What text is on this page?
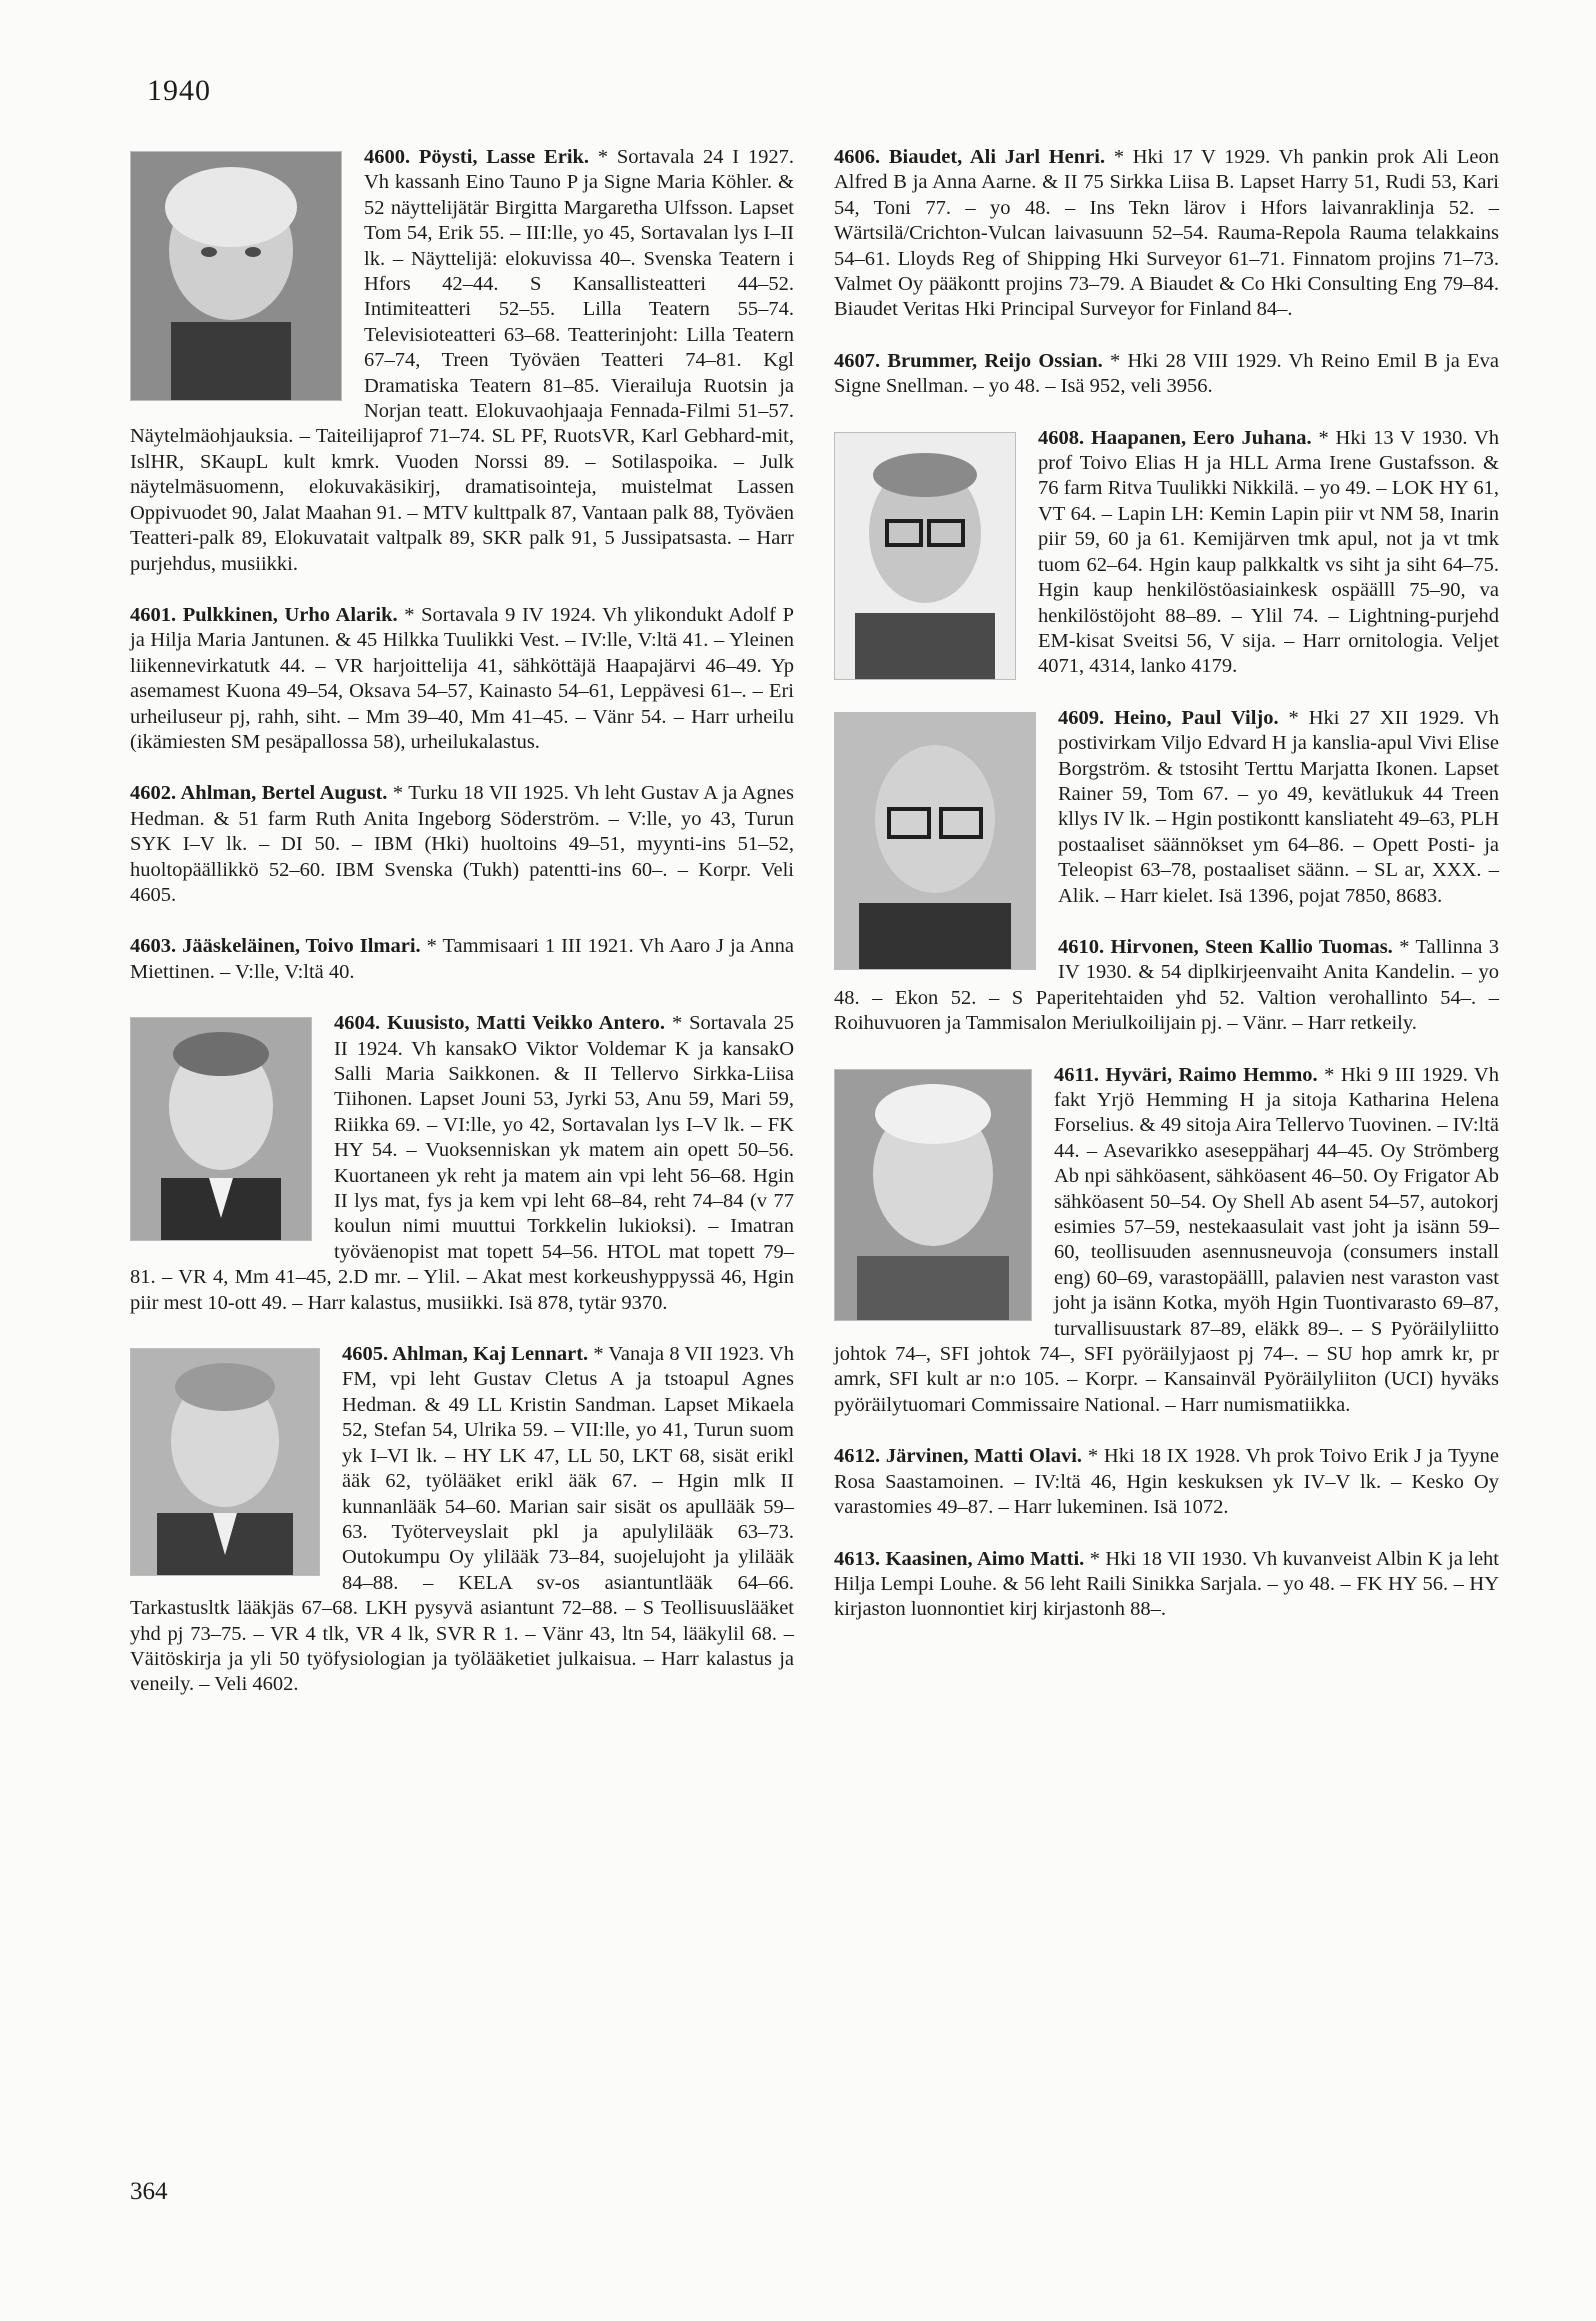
1940

4600. Pöysti, Lasse Erik. * Sortavala 24 I 1927. Vh kassanh Eino Tauno P ja Signe Maria Köhler. & 52 näyttelijätär Birgitta Margaretha Ulfsson. Lapset Tom 54, Erik 55. – III:lle, yo 45, Sortavalan lys I–II lk. – Näyttelijä: elokuvissa 40–. Svenska Teatern i Hfors 42–44. S Kansallisteatteri 44–52. Intimiteatteri 52–55. Lilla Teatern 55–74. Televisioteatteri 63–68. Teatterinjoht: Lilla Teatern 67–74, Treen Työväen Teatteri 74–81. Kgl Dramatiska Teatern 81–85. Vierailuja Ruotsin ja Norjan teatt. Elokuvaohjaaja Fennada-Filmi 51–57. Näytelmäohjauksia. – Taiteilijaprof 71–74. SL PF, RuotsVR, Karl Gebhard-mit, IslHR, SKaupL kult kmrk. Vuoden Norssi 89. – Sotilaspoika. – Julk näytelmäsuomenn, elokuvakäsikirj, dramatisointeja, muistelmat Lassen Oppivuodet 90, Jalat Maahan 91. – MTV kulttpalk 87, Vantaan palk 88, Työväen Teatteri-palk 89, Elokuvatait valtpalk 89, SKR palk 91, 5 Jussipatsasta. – Harr purjehdus, musiikki.

4601. Pulkkinen, Urho Alarik. * Sortavala 9 IV 1924. Vh ylikondukt Adolf P ja Hilja Maria Jantunen. & 45 Hilkka Tuulikki Vest. – IV:lle, V:ltä 41. – Yleinen liikennevirkatutk 44. – VR harjoittelija 41, sähköttäjä Haapajärvi 46–49. Yp asemamest Kuona 49–54, Oksava 54–57, Kainasto 54–61, Leppävesi 61–. – Eri urheiluseur pj, rahh, siht. – Mm 39–40, Mm 41–45. – Vänr 54. – Harr urheilu (ikämiesten SM pesäpallossa 58), urheilukalastus.

4602. Ahlman, Bertel August. * Turku 18 VII 1925. Vh leht Gustav A ja Agnes Hedman. & 51 farm Ruth Anita Ingeborg Söderström. – V:lle, yo 43, Turun SYK I–V lk. – DI 50. – IBM (Hki) huoltoins 49–51, myynti-ins 51–52, huoltopäällikkö 52–60. IBM Svenska (Tukh) patentti-ins 60–. – Korpr. Veli 4605.

4603. Jääskeläinen, Toivo Ilmari. * Tammisaari 1 III 1921. Vh Aaro J ja Anna Miettinen. – V:lle, V:ltä 40.

4604. Kuusisto, Matti Veikko Antero. * Sortavala 25 II 1924. Vh kansakO Viktor Voldemar K ja kansakO Salli Maria Saikkonen. & II Tellervo Sirkka-Liisa Tiihonen. Lapset Jouni 53, Jyrki 53, Anu 59, Mari 59, Riikka 69. – VI:lle, yo 42, Sortavalan lys I–V lk. – FK HY 54. – Vuoksenniskan yk matem ain opett 50–56. Kuortaneen yk reht ja matem ain vpi leht 56–68. Hgin II lys mat, fys ja kem vpi leht 68–84, reht 74–84 (v 77 koulun nimi muuttui Torkkelin lukioksi). – Imatran työväenopist mat topett 54–56. HTOL mat topett 79–81. – VR 4, Mm 41–45, 2.D mr. – Ylil. – Akat mest korkeushyppyssä 46, Hgin piir mest 10-ott 49. – Harr kalastus, musiikki. Isä 878, tytär 9370.

4605. Ahlman, Kaj Lennart. * Vanaja 8 VII 1923. Vh FM, vpi leht Gustav Cletus A ja tstoapul Agnes Hedman. & 49 LL Kristin Sandman. Lapset Mikaela 52, Stefan 54, Ulrika 59. – VII:lle, yo 41, Turun suom yk I–VI lk. – HY LK 47, LL 50, LKT 68, sisät erikl ääk 62, työlääket erikl ääk 67. – Hgin mlk II kunnanlääk 54–60. Marian sair sisät os apullääk 59–63. Työterveyslait pkl ja apulylilääk 63–73. Outokumpu Oy ylilääk 73–84, suojelujoht ja ylilääk 84–88. – KELA sv-os asiantuntlääk 64–66. Tarkastusltk lääkjäs 67–68. LKH pysyvä asiantunt 72–88. – S Teollisuuslääket yhd pj 73–75. – VR 4 tlk, VR 4 lk, SVR R 1. – Vänr 43, ltn 54, lääkylil 68. – Väitöskirja ja yli 50 työfysiologian ja työlääketiet julkaisua. – Harr kalastus ja veneily. – Veli 4602.

4606. Biaudet, Ali Jarl Henri. * Hki 17 V 1929. Vh pankin prok Ali Leon Alfred B ja Anna Aarne. & II 75 Sirkka Liisa B. Lapset Harry 51, Rudi 53, Kari 54, Toni 77. – yo 48. – Ins Tekn lärov i Hfors laivanraklinja 52. – Wärtsilä/Crichton-Vulcan laivasuunn 52–54. Rauma-Repola Rauma telakkains 54–61. Lloyds Reg of Shipping Hki Surveyor 61–71. Finnatom projins 71–73. Valmet Oy pääkontt projins 73–79. A Biaudet & Co Hki Consulting Eng 79–84. Biaudet Veritas Hki Principal Surveyor for Finland 84–.

4607. Brummer, Reijo Ossian. * Hki 28 VIII 1929. Vh Reino Emil B ja Eva Signe Snellman. – yo 48. – Isä 952, veli 3956.

4608. Haapanen, Eero Juhana. * Hki 13 V 1930. Vh prof Toivo Elias H ja HLL Arma Irene Gustafsson. & 76 farm Ritva Tuulikki Nikkilä. – yo 49. – LOK HY 61, VT 64. – Lapin LH: Kemin Lapin piir vt NM 58, Inarin piir 59, 60 ja 61. Kemijärven tmk apul, not ja vt tmk tuom 62–64. Hgin kaup palkkaltk vs siht ja siht 64–75. Hgin kaup henkilöstöasiainkesk ospäälll 75–90, va henkilöstöjoht 88–89. – Ylil 74. – Lightning-purjehd EM-kisat Sveitsi 56, V sija. – Harr ornitologia. Veljet 4071, 4314, lanko 4179.

4609. Heino, Paul Viljo. * Hki 27 XII 1929. Vh postivirkam Viljo Edvard H ja kanslia-apul Vivi Elise Borgström. & tstosiht Terttu Marjatta Ikonen. Lapset Rainer 59, Tom 67. – yo 49, kevätlukuk 44 Treen kllys IV lk. – Hgin postikontt kansliateht 49–63, PLH postaaliset säännökset ym 64–86. – Opett Posti- ja Teleopist 63–78, postaaliset säänn. – SL ar, XXX. – Alik. – Harr kielet. Isä 1396, pojat 7850, 8683.

4610. Hirvonen, Steen Kallio Tuomas. * Tallinna 3 IV 1930. & 54 diplkirjeenvaiht Anita Kandelin. – yo 48. – Ekon 52. – S Paperitehtaiden yhd 52. Valtion verohallinto 54–. – Roihuvuoren ja Tammisalon Meriulkoilijain pj. – Vänr. – Harr retkeily.

4611. Hyväri, Raimo Hemmo. * Hki 9 III 1929. Vh fakt Yrjö Hemming H ja sitoja Katharina Helena Forselius. & 49 sitoja Aira Tellervo Tuovinen. – IV:ltä 44. – Asevarikko aseseppäharj 44–45. Oy Strömberg Ab npi sähköasent, sähköasent 46–50. Oy Frigator Ab sähköasent 50–54. Oy Shell Ab asent 54–57, autokorj esimies 57–59, nestekaasulait vast joht ja isänn 59–60, teollisuuden asennusneuvoja (consumers install eng) 60–69, varastopäälll, palavien nest varaston vast joht ja isänn Kotka, myöh Hgin Tuontivarasto 69–87, turvallisuustark 87–89, eläkk 89–. – S Pyöräilyliitto johtok 74–, SFI johtok 74–, SFI pyöräilyjaost pj 74–. – SU hop amrk kr, pr amrk, SFI kult ar n:o 105. – Korpr. – Kansainväl Pyöräilyliiton (UCI) hyväks pyöräilytuomari Commissaire National. – Harr numismatiikka.

4612. Järvinen, Matti Olavi. * Hki 18 IX 1928. Vh prok Toivo Erik J ja Tyyne Rosa Saastamoinen. – IV:ltä 46, Hgin keskuksen yk IV–V lk. – Kesko Oy varastomies 49–87. – Harr lukeminen. Isä 1072.

4613. Kaasinen, Aimo Matti. * Hki 18 VII 1930. Vh kuvanveist Albin K ja leht Hilja Lempi Louhe. & 56 leht Raili Sinikka Sarjala. – yo 48. – FK HY 56. – HY kirjaston luonnontiet kirj kirjastonh 88–.

364
